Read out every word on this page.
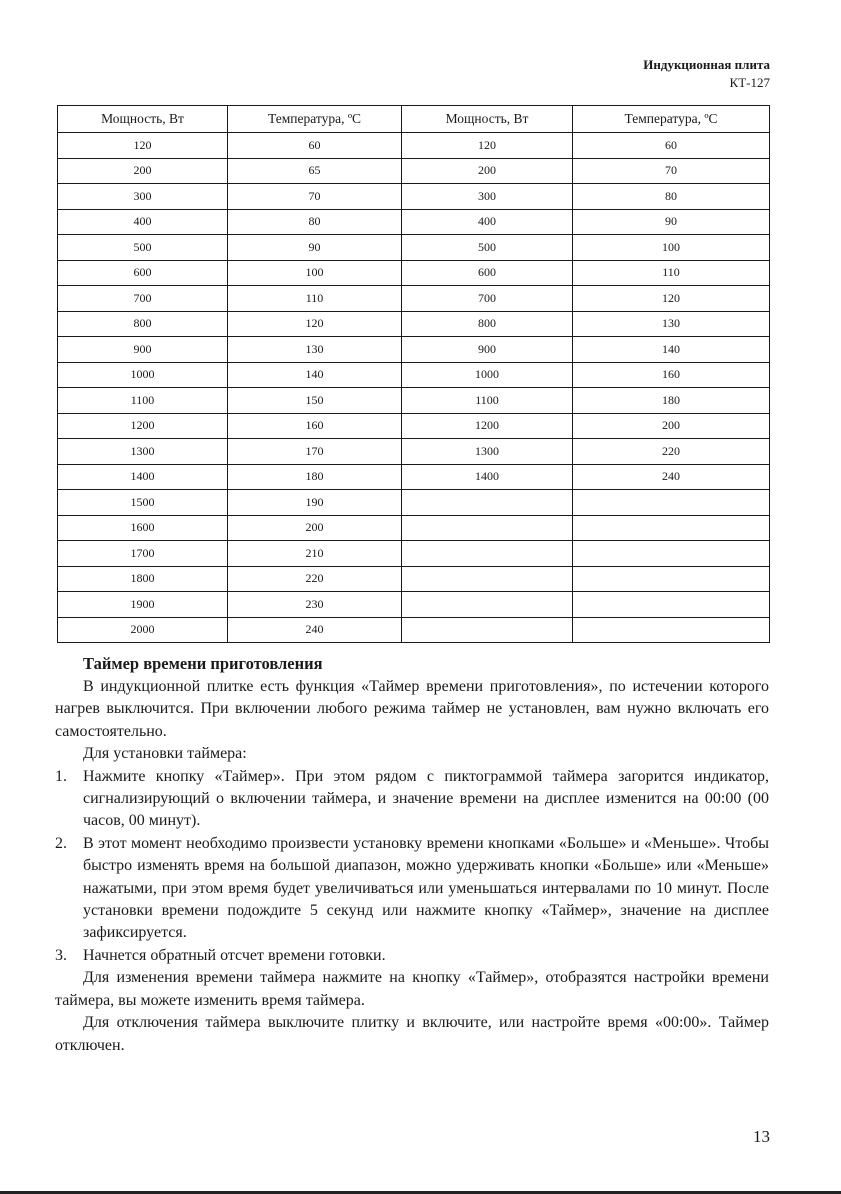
Индукционная плита
КТ-127
Мощность, Вт	Температура, ºC	Мощность, Вт	Температура, ºC
120	60	120	60
200	65	200	70
300	70	300	80
400	80	400	90
500	90	500	100
600	100	600	110
700	110	700	120
800	120	800	130
900	130	900	140
1000	140	1000	160
1100	150	1100	180
1200	160	1200	200
1300	170	1300	220
1400	180	1400	240
1500	190		
1600	200		
1700	210		
1800	220		
1900	230		
2000	240		
Таймер времени приготовления

В индукционной плитке есть функция «Таймер времени приготовления», по истечении которого нагрев выключится. При включении любого режима таймер не установлен, вам нужно включать его самостоятельно.

Для установки таймера:

1. Нажмите кнопку «Таймер». При этом рядом с пиктограммой таймера загорится индикатор, сигнализирующий о включении таймера, и значение времени на дисплее изменится на 00:00 (00 часов, 00 минут).
2. В этот момент необходимо произвести установку времени кнопками «Больше» и «Меньше». Чтобы быстро изменять время на большой диапазон, можно удерживать кнопки «Больше» или «Меньше» нажатыми, при этом время будет увеличиваться или уменьшаться интервалами по 10 минут. После установки времени подождите 5 секунд или нажмите кнопку «Таймер», значение на дисплее зафиксируется.
3. Начнется обратный отсчет времени готовки.

Для изменения времени таймера нажмите на кнопку «Таймер», отобразятся настройки времени таймера, вы можете изменить время таймера.

Для отключения таймера выключите плитку и включите, или настройте время «00:00». Таймер отключен.

13
